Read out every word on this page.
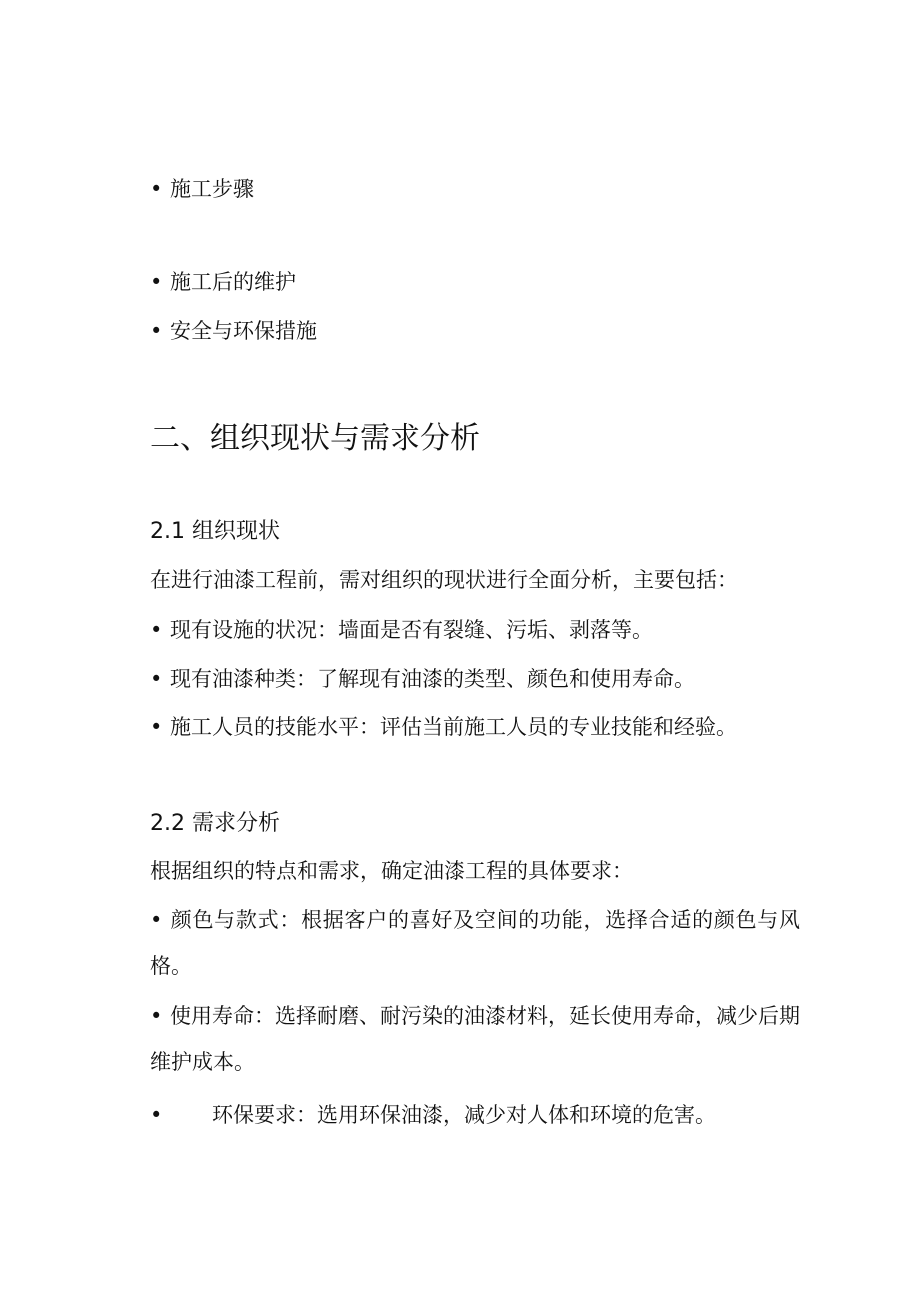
• 施工步骤
• 施工后的维护
• 安全与环保措施
二、组织现状与需求分析
2.1 组织现状
在进行油漆工程前，需对组织的现状进行全面分析，主要包括：
• 现有设施的状况：墙面是否有裂缝、污垢、剥落等。
• 现有油漆种类：了解现有油漆的类型、颜色和使用寿命。
• 施工人员的技能水平：评估当前施工人员的专业技能和经验。
2.2 需求分析
根据组织的特点和需求，确定油漆工程的具体要求：
• 颜色与款式：根据客户的喜好及空间的功能，选择合适的颜色与风格。
• 使用寿命：选择耐磨、耐污染的油漆材料，延长使用寿命，减少后期维护成本。
• 环保要求：选用环保油漆，减少对人体和环境的危害。
